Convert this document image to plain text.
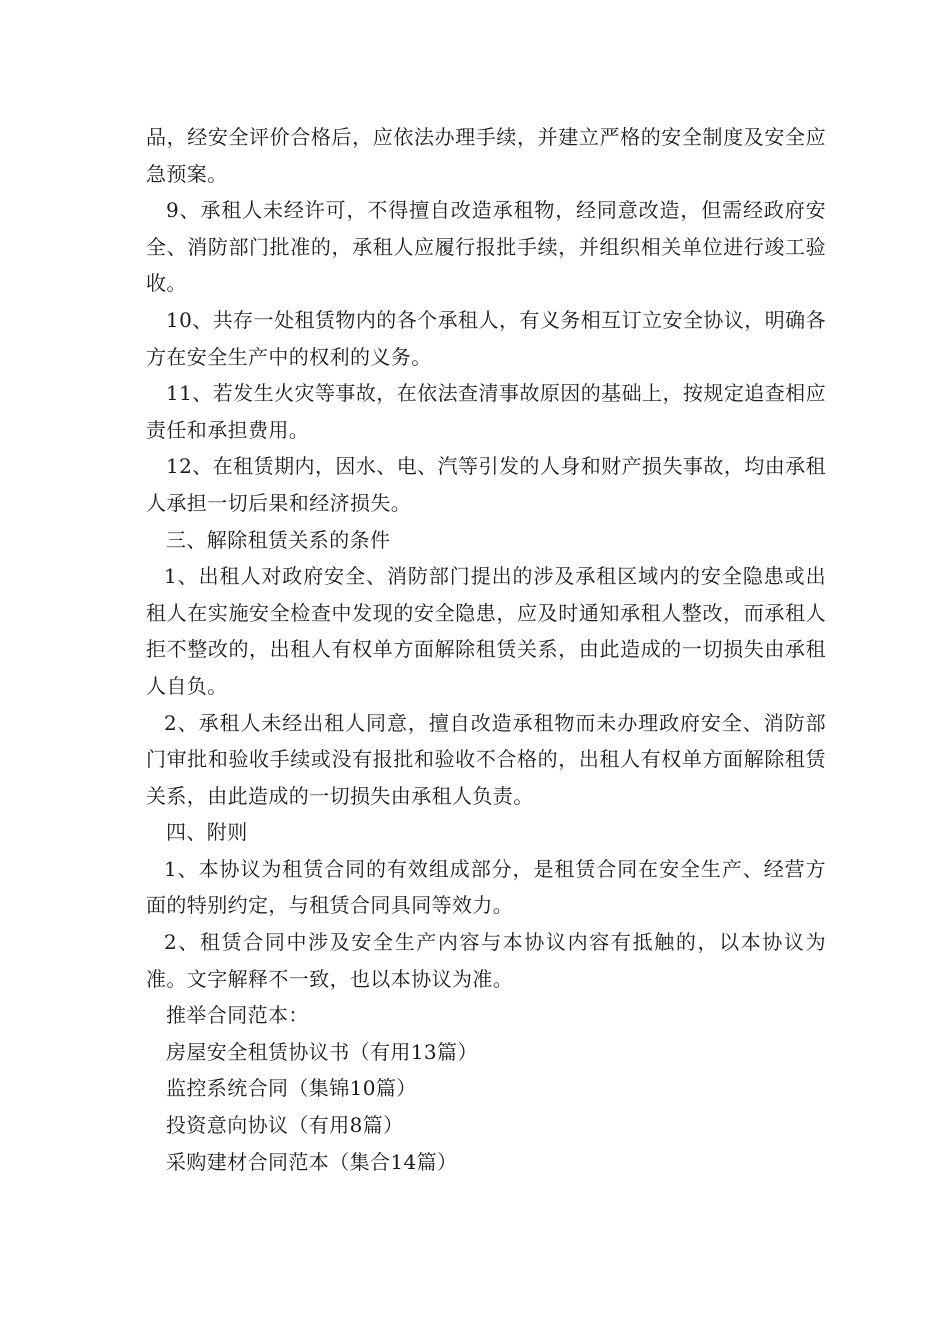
品，经安全评价合格后，应依法办理手续，并建立严格的安全制度及安全应急预案。

9、承租人未经许可，不得擅自改造承租物，经同意改造，但需经政府安全、消防部门批准的，承租人应履行报批手续，并组织相关单位进行竣工验收。

10、共存一处租赁物内的各个承租人，有义务相互订立安全协议，明确各方在安全生产中的权利的义务。

11、若发生火灾等事故，在依法查清事故原因的基础上，按规定追查相应责任和承担费用。

12、在租赁期内，因水、电、汽等引发的人身和财产损失事故，均由承租人承担一切后果和经济损失。

三、解除租赁关系的条件

1、出租人对政府安全、消防部门提出的涉及承租区域内的安全隐患或出租人在实施安全检查中发现的安全隐患，应及时通知承租人整改，而承租人拒不整改的，出租人有权单方面解除租赁关系，由此造成的一切损失由承租人自负。

2、承租人未经出租人同意，擅自改造承租物而未办理政府安全、消防部门审批和验收手续或没有报批和验收不合格的，出租人有权单方面解除租赁关系，由此造成的一切损失由承租人负责。

四、附则

1、本协议为租赁合同的有效组成部分，是租赁合同在安全生产、经营方面的特别约定，与租赁合同具同等效力。

2、租赁合同中涉及安全生产内容与本协议内容有抵触的，以本协议为准。文字解释不一致，也以本协议为准。

推举合同范本：

房屋安全租赁协议书（有用13篇）

监控系统合同（集锦10篇）

投资意向协议（有用8篇）

采购建材合同范本（集合14篇）
